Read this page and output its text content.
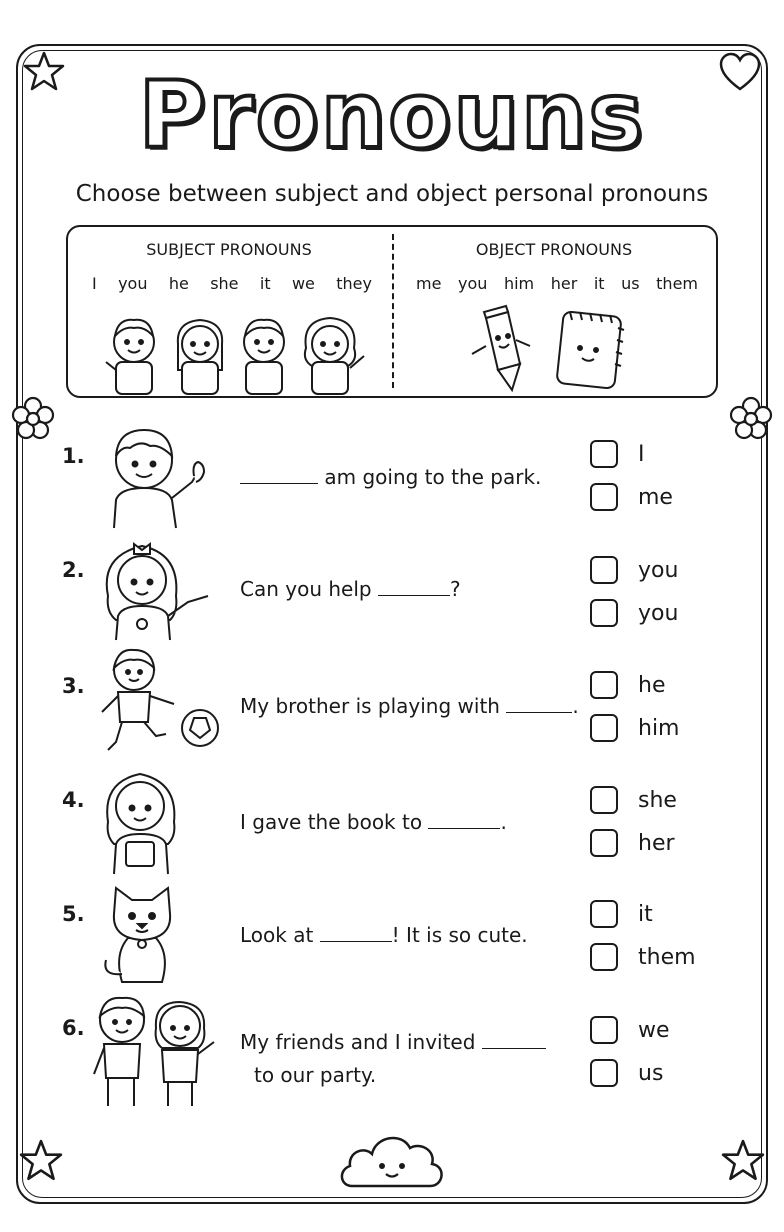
Pronouns
Choose between subject and object personal pronouns
SUBJECT PRONOUNS
I you he she it we they
OBJECT PRONOUNS
me you him her it us them
1.
am going to the park.
I
me
2.
Can you help	?
you
you
3.
My brother is playing with	.
he
him
4.
I gave the book to	.
she
her
5.
Look at	! It is so cute.
it
them
6.
My friends and I invited
to our party.
we
us
